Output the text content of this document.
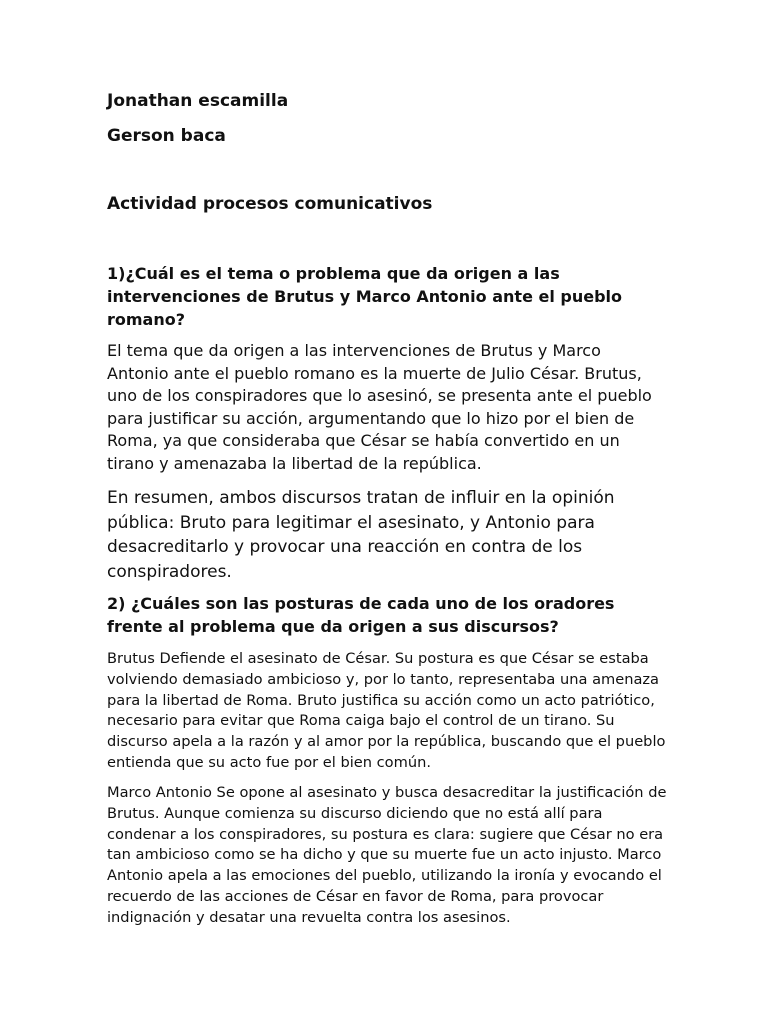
Jonathan escamilla
Gerson baca
Actividad procesos comunicativos

1)¿Cuál es el tema o problema que da origen a las intervenciones de Brutus y Marco Antonio ante el pueblo romano?

El tema que da origen a las intervenciones de Brutus y Marco Antonio ante el pueblo romano es la muerte de Julio César. Brutus, uno de los conspiradores que lo asesinó, se presenta ante el pueblo para justificar su acción, argumentando que lo hizo por el bien de Roma, ya que consideraba que César se había convertido en un tirano y amenazaba la libertad de la república.

En resumen, ambos discursos tratan de influir en la opinión pública: Bruto para legitimar el asesinato, y Antonio para desacreditarlo y provocar una reacción en contra de los conspiradores.

2) ¿Cuáles son las posturas de cada uno de los oradores frente al problema que da origen a sus discursos?

Brutus Defiende el asesinato de César. Su postura es que César se estaba volviendo demasiado ambicioso y, por lo tanto, representaba una amenaza para la libertad de Roma. Bruto justifica su acción como un acto patriótico, necesario para evitar que Roma caiga bajo el control de un tirano. Su discurso apela a la razón y al amor por la república, buscando que el pueblo entienda que su acto fue por el bien común.

Marco Antonio Se opone al asesinato y busca desacreditar la justificación de Brutus. Aunque comienza su discurso diciendo que no está allí para condenar a los conspiradores, su postura es clara: sugiere que César no era tan ambicioso como se ha dicho y que su muerte fue un acto injusto. Marco Antonio apela a las emociones del pueblo, utilizando la ironía y evocando el recuerdo de las acciones de César en favor de Roma, para provocar indignación y desatar una revuelta contra los asesinos.
